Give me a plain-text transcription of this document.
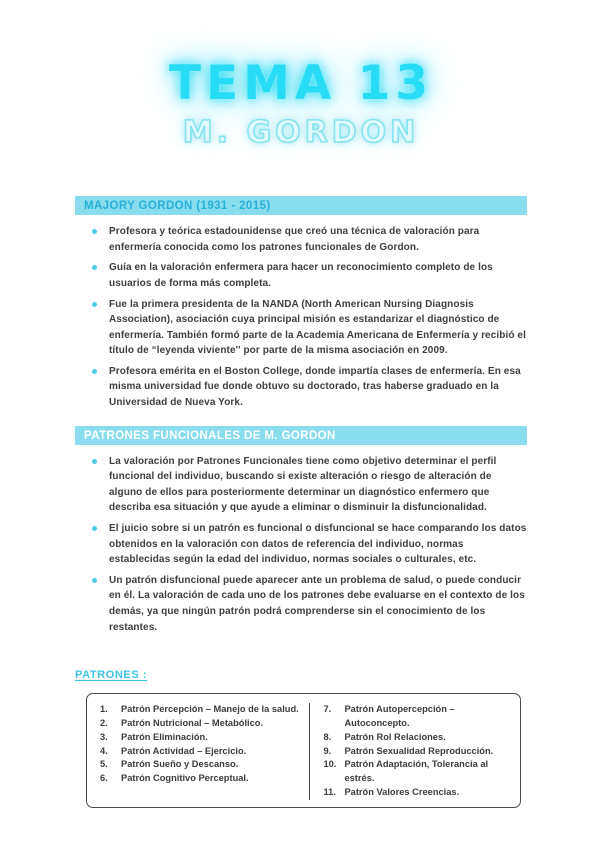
TEMA 13
M. GORDON
MAJORY GORDON (1931 - 2015)
Profesora y teórica estadounidense que creó una técnica de valoración para enfermería conocida como los patrones funcionales de Gordon.
Guía en la valoración enfermera para hacer un reconocimiento completo de los usuarios de forma más completa.
Fue la primera presidenta de la NANDA (North American Nursing Diagnosis Association), asociación cuya principal misión es estandarizar el diagnóstico de enfermería. También formó parte de la Academia Americana de Enfermería y recibió el título de “leyenda viviente'' por parte de la misma asociación en 2009.
Profesora emérita en el Boston College, donde impartía clases de enfermería. En esa misma universidad fue donde obtuvo su doctorado, tras haberse graduado en la Universidad de Nueva York.
PATRONES FUNCIONALES DE M. GORDON
La valoración por Patrones Funcionales tiene como objetivo determinar el perfil funcional del individuo, buscando si existe alteración o riesgo de alteración de alguno de ellos para posteriormente determinar un diagnóstico enfermero que describa esa situación y que ayude a eliminar o disminuir la disfuncionalidad.
El juicio sobre si un patrón es funcional o disfuncional se hace comparando los datos obtenidos en la valoración con datos de referencia del individuo, normas establecidas según la edad del individuo, normas sociales o culturales, etc.
Un patrón disfuncional puede aparecer ante un problema de salud, o puede conducir en él. La valoración de cada uno de los patrones debe evaluarse en el contexto de los demás, ya que ningún patrón podrá comprenderse sin el conocimiento de los restantes.
PATRONES :
1.	Patrón Percepción – Manejo de la salud.
2.	Patrón Nutricional – Metabólico.
3.	Patrón Eliminación.
4.	Patrón Actividad – Ejercicio.
5.	Patrón Sueño y Descanso.
6.	Patrón Cognitivo Perceptual.
7.	Patrón Autopercepción – Autoconcepto.
8.	Patrón Rol Relaciones.
9.	Patrón Sexualidad Reproducción.
10. Patrón Adaptación, Tolerancia al estrés.
11. Patrón Valores Creencias.
